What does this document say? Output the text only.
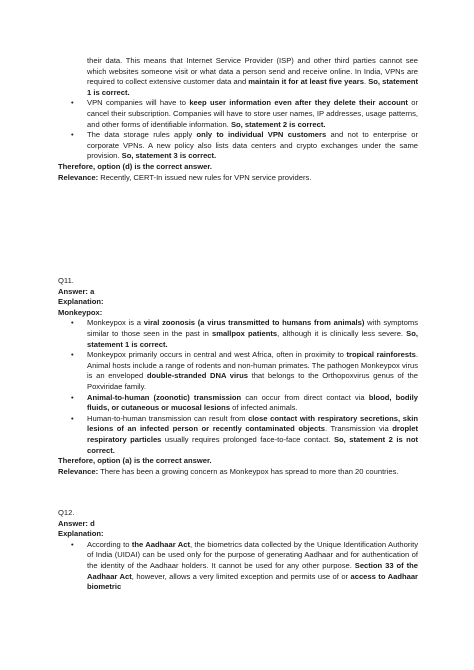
their data. This means that Internet Service Provider (ISP) and other third parties cannot see which websites someone visit or what data a person send and receive online. In India, VPNs are required to collect extensive customer data and maintain it for at least five years. So, statement 1 is correct.
• VPN companies will have to keep user information even after they delete their account or cancel their subscription. Companies will have to store user names, IP addresses, usage patterns, and other forms of identifiable information. So, statement 2 is correct.
• The data storage rules apply only to individual VPN customers and not to enterprise or corporate VPNs. A new policy also lists data centers and crypto exchanges under the same provision. So, statement 3 is correct.
Therefore, option (d) is the correct answer.
Relevance: Recently, CERT-In issued new rules for VPN service providers.
Q11.
Answer: a
Explanation:
Monkeypox:
• Monkeypox is a viral zoonosis (a virus transmitted to humans from animals) with symptoms similar to those seen in the past in smallpox patients, although it is clinically less severe. So, statement 1 is correct.
• Monkeypox primarily occurs in central and west Africa, often in proximity to tropical rainforests. Animal hosts include a range of rodents and non-human primates. The pathogen Monkeypox virus is an enveloped double-stranded DNA virus that belongs to the Orthopoxvirus genus of the Poxviridae family.
• Animal-to-human (zoonotic) transmission can occur from direct contact via blood, bodily fluids, or cutaneous or mucosal lesions of infected animals.
• Human-to-human transmission can result from close contact with respiratory secretions, skin lesions of an infected person or recently contaminated objects. Transmission via droplet respiratory particles usually requires prolonged face-to-face contact. So, statement 2 is not correct.
Therefore, option (a) is the correct answer.
Relevance: There has been a growing concern as Monkeypox has spread to more than 20 countries.
Q12.
Answer: d
Explanation:
• According to the Aadhaar Act, the biometrics data collected by the Unique Identification Authority of India (UIDAI) can be used only for the purpose of generating Aadhaar and for authentication of the identity of the Aadhaar holders. It cannot be used for any other purpose. Section 33 of the Aadhaar Act, however, allows a very limited exception and permits use of or access to Aadhaar biometric
